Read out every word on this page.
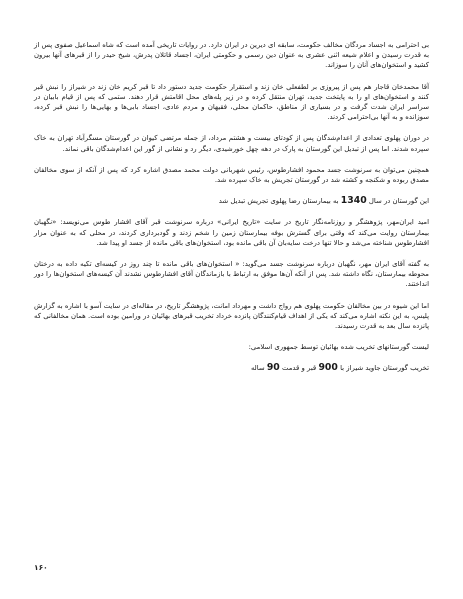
بی احترامی به اجساد مردگان مخالف حکومت، سابقه ای دیرین در ایران دارد. در روایات تاریخی آمده است که شاه اسماعیل صفوی پس از به قدرت رسیدن و اعلام شیعه اثنی عشری به عنوان دین رسمی و حکومتی ایران، اجساد قاتلان پدرش، شیخ حیدر را از قبرهای آنها بیرون کشید و استخوان‌های آنان را سوزاند.

آقا محمدخان قاجار هم پس از پیروزی بر لطفعلی خان زند و استقرار حکومت جدید دستور داد تا قبر کریم خان زند در شیراز را نبش قبر کنند و استخوان‌های او را به پایتخت جدید، تهران منتقل کرده و در زیر پله‌های محل اقامتش قرار دهند. ستمی که پس از قیام بابیان در سراسر ایران شدت گرفت و در بسیاری از مناطق، حاکمان محلی، فقیهان و مردم عادی، اجساد بابی‌ها و بهایی‌ها را نبش قبر کرده، سوزانده و به آنها بی‌احترامی کردند.

در دوران پهلوی تعدادی از اعدام‌شدگان پس از کودتای بیست و هشتم مرداد، از جمله مرتضی کیوان در گورستان مسگرآباد تهران به خاک سپرده شدند. اما پس از تبدیل این گورستان به پارک در دهه چهل خورشیدی، دیگر رد و نشانی از گور این اعدام‌شدگان باقی نماند.

همچنین می‌توان به سرنوشت جسد محمود افشارطوس، رئیس شهربانی دولت محمد مصدق اشاره کرد که پس از آنکه از سوی مخالفان مصدق ربوده و شکنجه و کشته شد در گورستان تجریش به خاک سپرده شد.

این گورستان در سال 1340 به بیمارستان رضا پهلوی تجریش تبدیل شد

امید ایران‌مهر، پژوهشگر و روزنامه‌نگار تاریخ در سایت «تاریخ ایرانی» درباره سرنوشت قبر آقای افشار طوس می‌نویسد: «نگهبان بیمارستان روایت می‌کند که وقتی برای گسترش بوفه بیمارستان زمین را شخم زدند و گودبرداری کردند، در محلی که به عنوان مزار افشارطوس شناخته می‌شد و حالا تنها درخت سایه‌بان آن باقی مانده بود، استخوان‌های باقی مانده از جسد او پیدا شد.

به گفته آقای ایران مهر، نگهبان درباره سرنوشت جسد می‌گوید: « استخوان‌های باقی مانده تا چند روز در کیسه‌ای تکیه داده به درختان محوطه بیمارستان، نگاه داشته شد. پس از آنکه آن‌ها موفق به ارتباط با بازماندگان آقای افشارطوس نشدند آن کیسه‌های استخوان‌ها را دور انداختند.

اما این شیوه در بین مخالفان حکومت پهلوی هم رواج داشت و مهرداد امانت، پژوهشگر تاریخ، در مقاله‌ای در سایت آسو با اشاره به گزارش پلیس، به این نکته اشاره می‌کند که یکی از اهداف قیام‌کنندگان پانزده خرداد تخریب قبرهای بهائیان در ورامین بوده است. همان مخالفانی که پانزده سال بعد به قدرت رسیدند.

لیست گورستانهای تخریب شده بهائیان توسط جمهوری اسلامی:

تخریب گورستان جاوید شیراز با 900 قبر و قدمت 90 ساله

۱۶۰
